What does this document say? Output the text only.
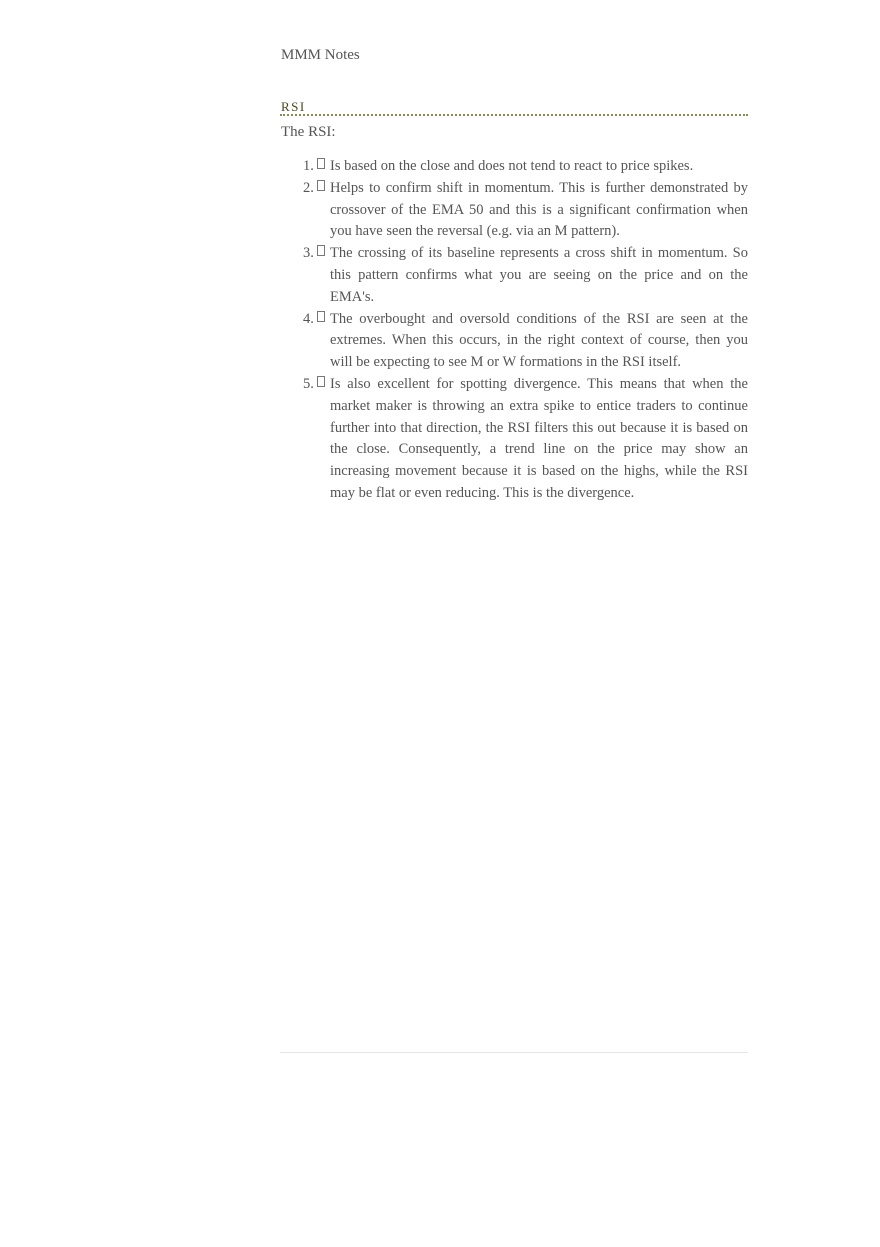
MMM Notes
RSI
The RSI:
1.	Is based on the close and does not tend to react to price spikes.
2.	Helps to confirm shift in momentum. This is further demonstrated by crossover of the EMA 50 and this is a significant confirmation when you have seen the reversal (e.g. via an M pattern).
3.	The crossing of its baseline represents a cross shift in momentum. So this pattern confirms what you are seeing on the price and on the EMA's.
4.	The overbought and oversold conditions of the RSI are seen at the extremes. When this occurs, in the right context of course, then you will be expecting to see M or W formations in the RSI itself.
5.	Is also excellent for spotting divergence. This means that when the market maker is throwing an extra spike to entice traders to continue further into that direction, the RSI filters this out because it is based on the close. Consequently, a trend line on the price may show an increasing movement because it is based on the highs, while the RSI may be flat or even reducing. This is the divergence.
